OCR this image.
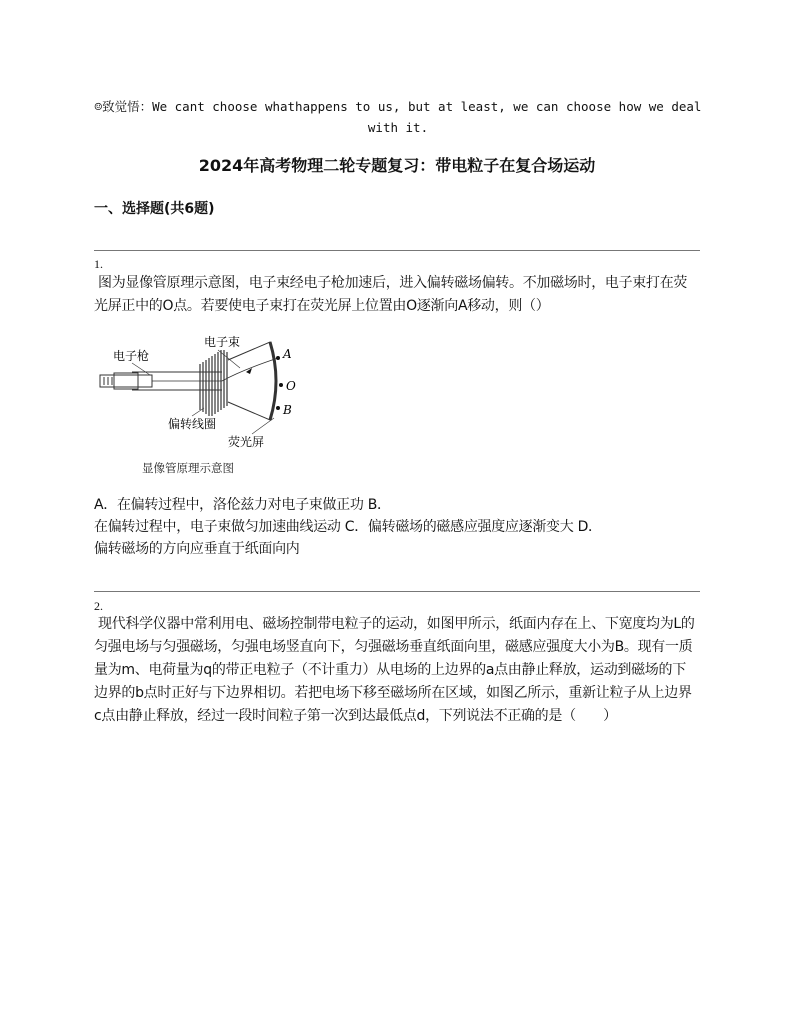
☺致觉悟：We cant choose whathappens to us, but at least, we can choose how we deal with it.
2024年高考物理二轮专题复习：带电粒子在复合场运动
一、选择题(共6题)
1.
图为显像管原理示意图，电子束经电子枪加速后，进入偏转磁场偏转。不加磁场时，电子束打在荧光屏正中的O点。若要使电子束打在荧光屏上位置由O逐渐向A移动，则（）
电子枪
电子束
偏转线圈
荧光屏
A
O
B
显像管原理示意图
A．在偏转过程中，洛伦兹力对电子束做正功 B．
在偏转过程中，电子束做匀加速曲线运动 C．偏转磁场的磁感应强度应逐渐变大 D．
偏转磁场的方向应垂直于纸面向内
2.
现代科学仪器中常利用电、磁场控制带电粒子的运动，如图甲所示，纸面内存在上、下宽度均为L的匀强电场与匀强磁场，匀强电场竖直向下，匀强磁场垂直纸面向里，磁感应强度大小为B。现有一质量为m、电荷量为q的带正电粒子（不计重力）从电场的上边界的a点由静止释放，运动到磁场的下边界的b点时正好与下边界相切。若把电场下移至磁场所在区域，如图乙所示，重新让粒子从上边界c点由静止释放，经过一段时间粒子第一次到达最低点d，下列说法不正确的是（　　）
